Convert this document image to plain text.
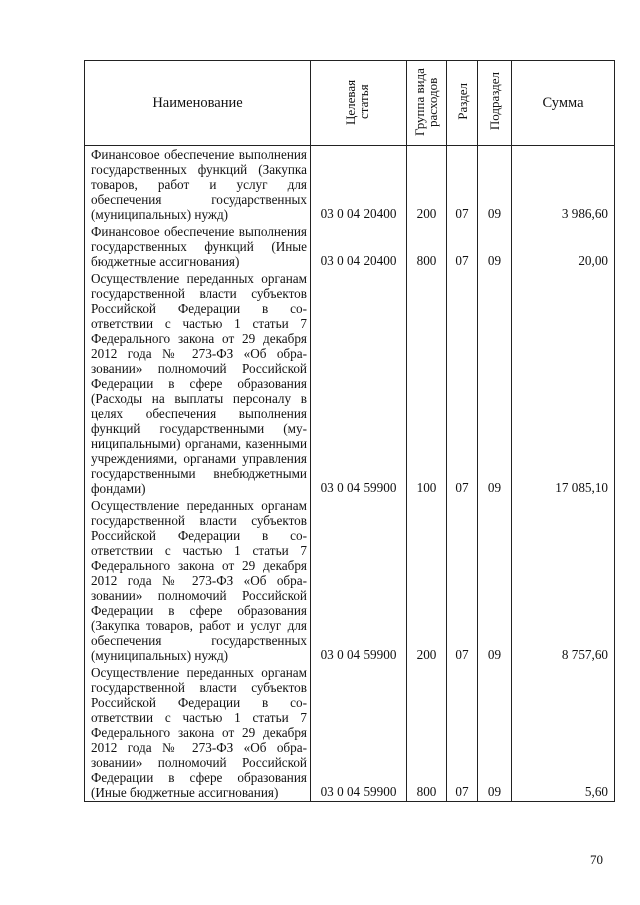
Наименование	Целевая статья	Группа вида расходов	Раздел	Подраздел	Сумма
Финансовое обеспечение выполнения государственных функций (Закупка товаров, работ и услуг для обеспечения государственных (муниципальных) нужд)	03 0 04 20400	200	07	09	3 986,60
Финансовое обеспечение выполнения государственных функций (Иные бюджетные ассигнования)	03 0 04 20400	800	07	09	20,00
Осуществление переданных органам государственной власти субъектов Российской Федерации в соответствии с частью 1 статьи 7 Федерального закона от 29 декабря 2012 года № 273-ФЗ «Об образовании» полномочий Российской Федерации в сфере образования (Расходы на выплаты персоналу в целях обеспечения выполнения функций государственными (муниципальными) органами, казенными учреждениями, органами управления государственными внебюджетными фондами)	03 0 04 59900	100	07	09	17 085,10
Осуществление переданных органам государственной власти субъектов Российской Федерации в соответствии с частью 1 статьи 7 Федерального закона от 29 декабря 2012 года № 273-ФЗ «Об образовании» полномочий Российской Федерации в сфере образования (Закупка товаров, работ и услуг для обеспечения государственных (муниципальных) нужд)	03 0 04 59900	200	07	09	8 757,60
Осуществление переданных органам государственной власти субъектов Российской Федерации в соответствии с частью 1 статьи 7 Федерального закона от 29 декабря 2012 года № 273-ФЗ «Об образовании» полномочий Российской Федерации в сфере образования (Иные бюджетные ассигнования)	03 0 04 59900	800	07	09	5,60
70
